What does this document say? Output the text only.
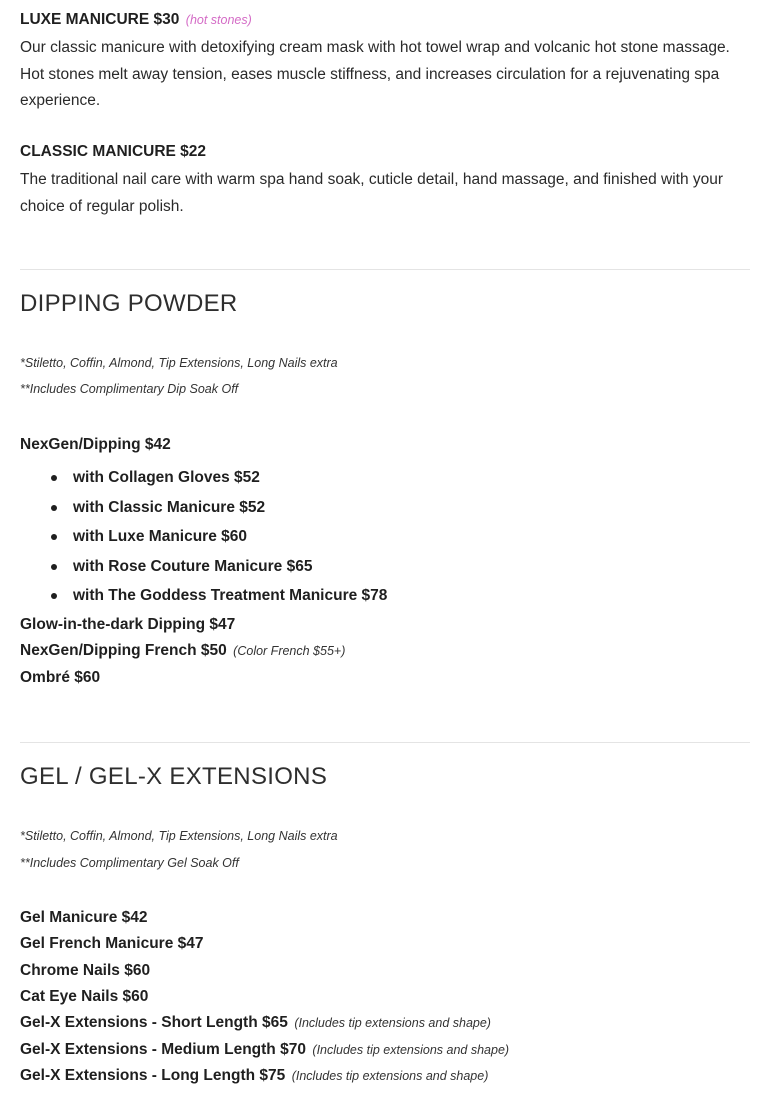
LUXE MANICURE $30 (hot stones)
Our classic manicure with detoxifying cream mask with hot towel wrap and volcanic hot stone massage. Hot stones melt away tension, eases muscle stiffness, and increases circulation for a rejuvenating spa experience.
CLASSIC MANICURE $22
The traditional nail care with warm spa hand soak, cuticle detail, hand massage, and finished with your choice of regular polish.
DIPPING POWDER
*Stiletto, Coffin, Almond, Tip Extensions, Long Nails extra
**Includes Complimentary Dip Soak Off
NexGen/Dipping $42
with Collagen Gloves $52
with Classic Manicure $52
with Luxe Manicure $60
with Rose Couture Manicure $65
with The Goddess Treatment Manicure $78
Glow-in-the-dark Dipping $47
NexGen/Dipping French $50 (Color French $55+)
Ombré $60
GEL / GEL-X EXTENSIONS
*Stiletto, Coffin, Almond, Tip Extensions, Long Nails extra
**Includes Complimentary Gel Soak Off
Gel Manicure $42
Gel French Manicure $47
Chrome Nails $60
Cat Eye Nails $60
Gel-X Extensions - Short Length $65 (Includes tip extensions and shape)
Gel-X Extensions - Medium Length $70 (Includes tip extensions and shape)
Gel-X Extensions - Long Length $75 (Includes tip extensions and shape)
